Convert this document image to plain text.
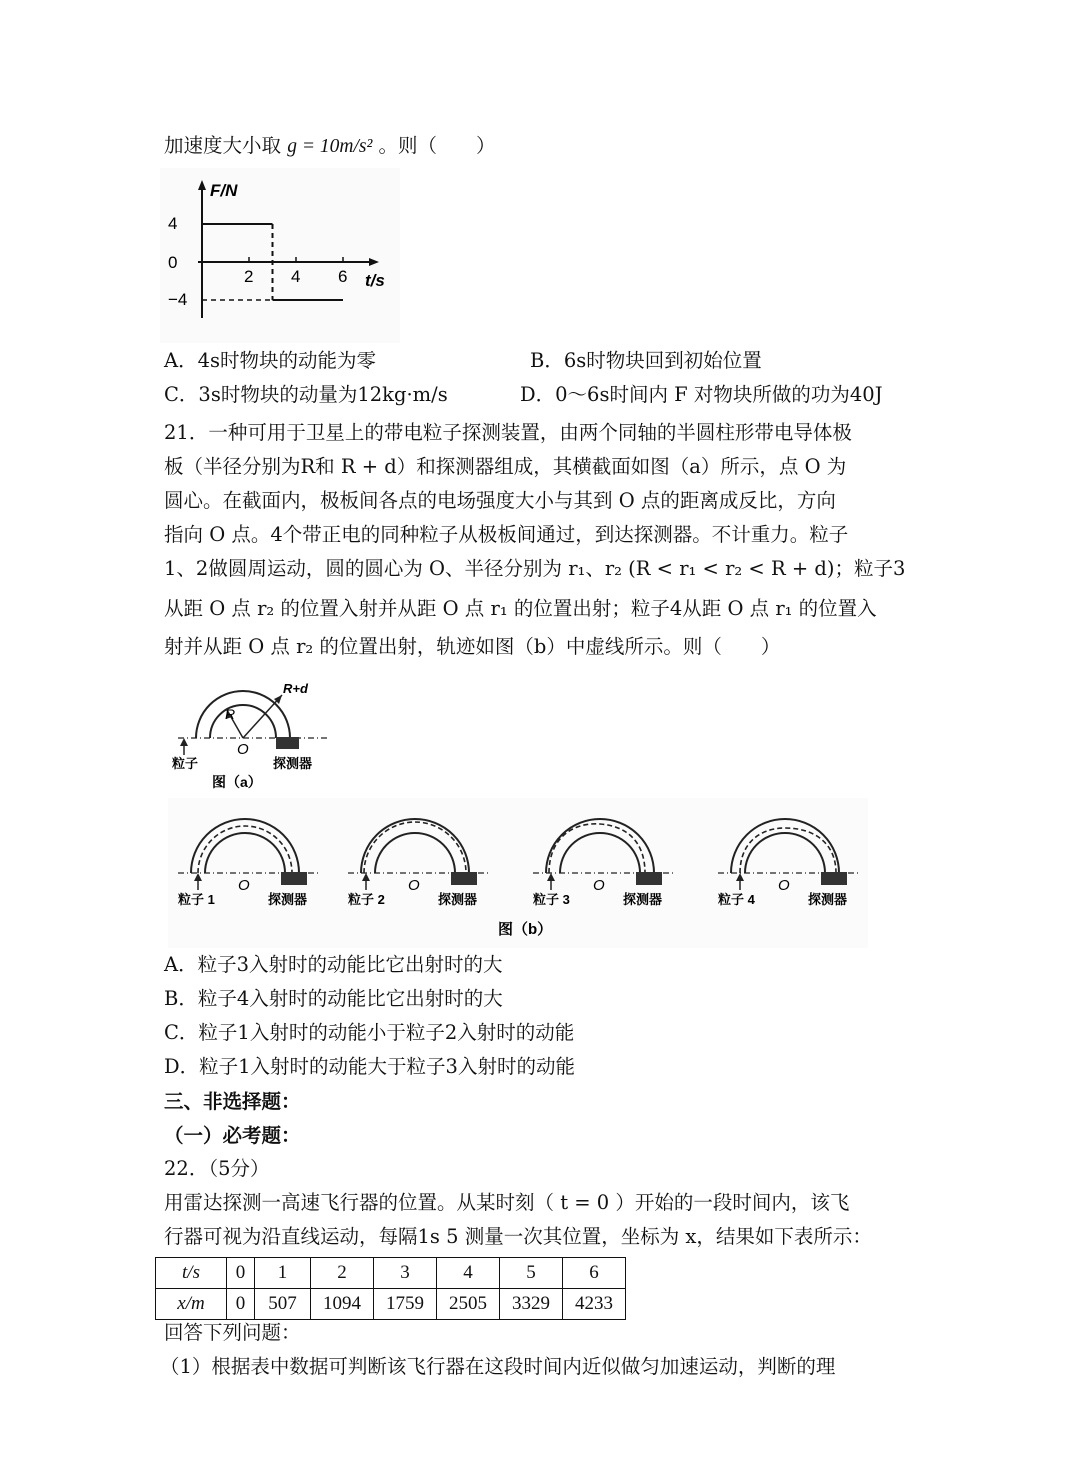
加速度大小取 g = 10m/s² 。则（　　）
2 4 6
4
0
−4
F/N
t/s
A．4s时物块的动能为零	B．6s时物块回到初始位置
C．3s时物块的动量为12kg·m/s	D．0～6s时间内 F 对物块所做的功为40J
21．一种可用于卫星上的带电粒子探测装置，由两个同轴的半圆柱形带电导体极
板（半径分别为R和 R + d）和探测器组成，其横截面如图（a）所示，点 O 为
圆心。在截面内，极板间各点的电场强度大小与其到 O 点的距离成反比，方向
指向 O 点。4个带正电的同种粒子从极板间通过，到达探测器。不计重力。粒子
1、2做圆周运动，圆的圆心为 O、半径分别为 r₁、r₂ (R < r₁ < r₂ < R + d)；粒子3
从距 O 点 r₂ 的位置入射并从距 O 点 r₁ 的位置出射；粒子4从距 O 点 r₁ 的位置入
射并从距 O 点 r₂ 的位置出射，轨迹如图（b）中虚线所示。则（　　）
R
R+d
O
粒子	探测器
图（a）
O
粒子 1	探测器
O
粒子 2	探测器
O
粒子 3	探测器
O
粒子 4	探测器
图（b）
A．粒子3入射时的动能比它出射时的大
B．粒子4入射时的动能比它出射时的大
C．粒子1入射时的动能小于粒子2入射时的动能
D．粒子1入射时的动能大于粒子3入射时的动能
三、非选择题：
（一）必考题：
22．（5分）
用雷达探测一高速飞行器的位置。从某时刻（ t = 0 ）开始的一段时间内，该飞
行器可视为沿直线运动，每隔1s 5 测量一次其位置，坐标为 x，结果如下表所示：
t/s	0	1	2	3	4	5	6
x/m	0	507	1094	1759	2505	3329	4233
回答下列问题：
（1）根据表中数据可判断该飞行器在这段时间内近似做匀加速运动，判断的理
